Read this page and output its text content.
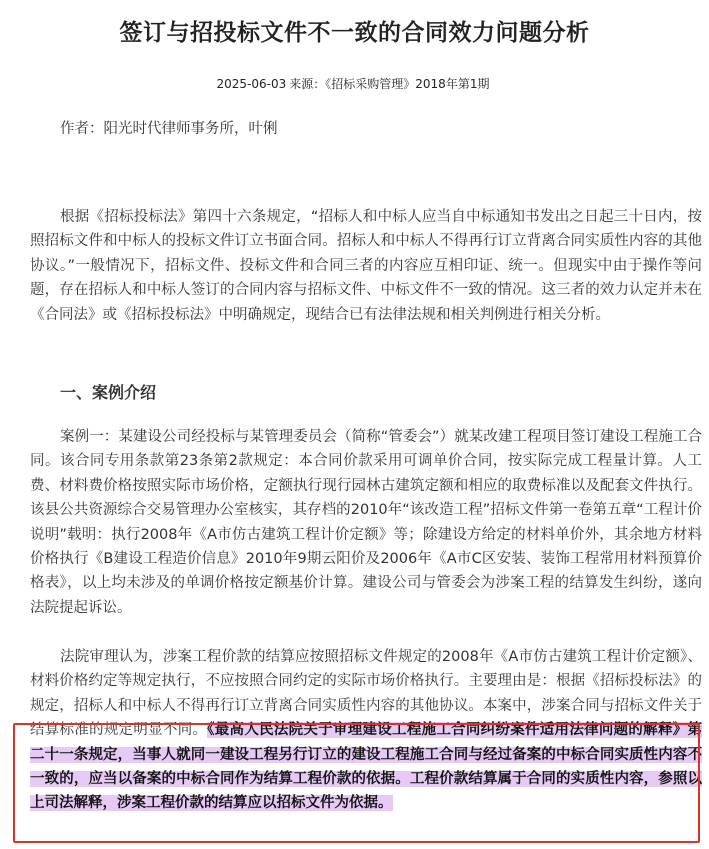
签订与招投标文件不一致的合同效力问题分析
2025-06-03 来源：《招标采购管理》2018年第1期
作者：阳光时代律师事务所，叶俐
根据《招标投标法》第四十六条规定，“招标人和中标人应当自中标通知书发出之日起三十日内，按照招标文件和中标人的投标文件订立书面合同。招标人和中标人不得再行订立背离合同实质性内容的其他协议。”一般情况下，招标文件、投标文件和合同三者的内容应互相印证、统一。但现实中由于操作等问题，存在招标人和中标人签订的合同内容与招标文件、中标文件不一致的情况。这三者的效力认定并未在《合同法》或《招标投标法》中明确规定，现结合已有法律法规和相关判例进行相关分析。
一、案例介绍
案例一：某建设公司经投标与某管理委员会（简称“管委会”）就某改建工程项目签订建设工程施工合同。该合同专用条款第23条第2款规定：本合同价款采用可调单价合同，按实际完成工程量计算。人工费、材料费价格按照实际市场价格，定额执行现行园林古建筑定额和相应的取费标准以及配套文件执行。该县公共资源综合交易管理办公室核实，其存档的2010年“该改造工程”招标文件第一卷第五章“工程计价说明”载明：执行2008年《A市仿古建筑工程计价定额》等；除建设方给定的材料单价外，其余地方材料价格执行《B建设工程造价信息》2010年9期云阳价及2006年《A市C区安装、装饰工程常用材料预算价格表》，以上均未涉及的单调价格按定额基价计算。建设公司与管委会为涉案工程的结算发生纠纷，遂向法院提起诉讼。
法院审理认为，涉案工程价款的结算应按照招标文件规定的2008年《A市仿古建筑工程计价定额》、材料价格约定等规定执行，不应按照合同约定的实际市场价格执行。主要理由是：根据《招标投标法》的规定，招标人和中标人不得再行订立背离合同实质性内容的其他协议。本案中，涉案合同与招标文件关于结算标准的规定明显不同。《最高人民法院关于审理建设工程施工合同纠纷案件适用法律问题的解释》第二十一条规定，当事人就同一建设工程另行订立的建设工程施工合同与经过备案的中标合同实质性内容不一致的，应当以备案的中标合同作为结算工程价款的依据。工程价款结算属于合同的实质性内容，参照以上司法解释，涉案工程价款的结算应以招标文件为依据。
